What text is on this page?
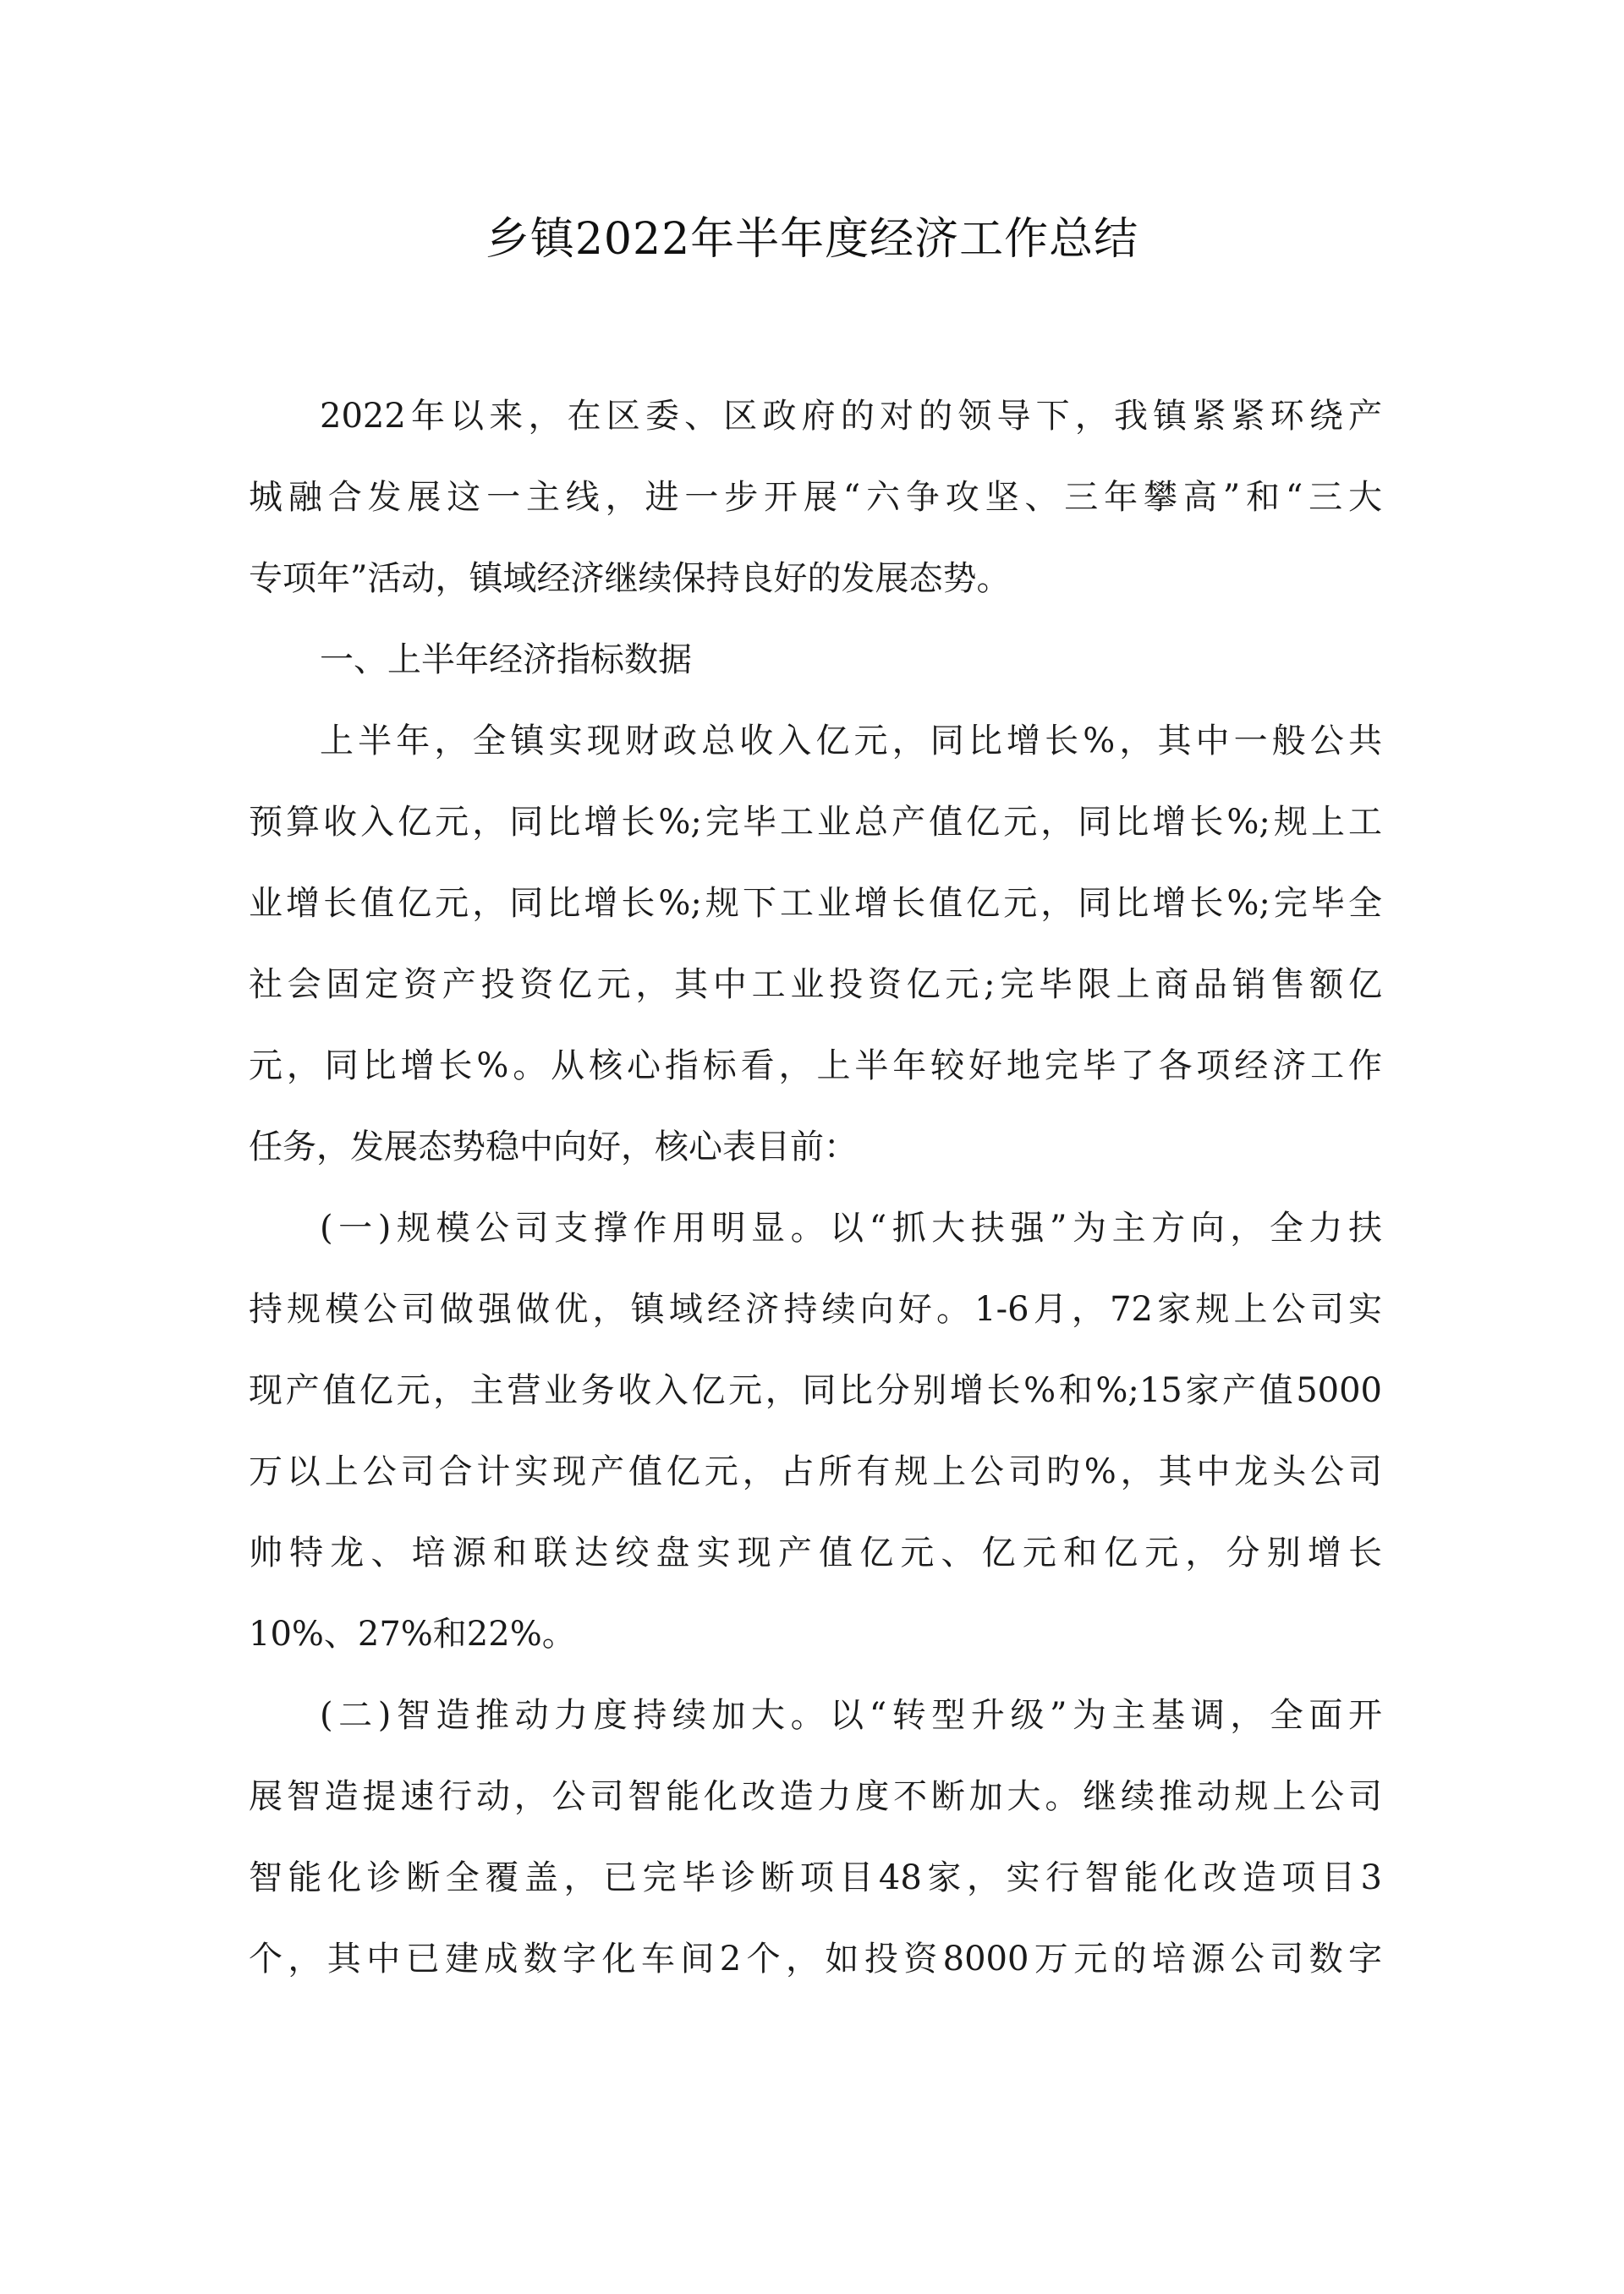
乡镇2022年半年度经济工作总结
2022年以来，在区委、区政府的对的领导下，我镇紧紧环绕产
城融合发展这一主线，进一步开展“六争攻坚、三年攀高”和“三大
专项年”活动，镇域经济继续保持良好的发展态势。
一、上半年经济指标数据
上半年，全镇实现财政总收入亿元，同比增长%，其中一般公共
预算收入亿元，同比增长%;完毕工业总产值亿元，同比增长%;规上工
业增长值亿元，同比增长%;规下工业增长值亿元，同比增长%;完毕全
社会固定资产投资亿元，其中工业投资亿元;完毕限上商品销售额亿
元，同比增长%。从核心指标看，上半年较好地完毕了各项经济工作
任务，发展态势稳中向好，核心表目前：
(一)规模公司支撑作用明显。以“抓大扶强”为主方向，全力扶
持规模公司做强做优，镇域经济持续向好。1-6月，72家规上公司实
现产值亿元，主营业务收入亿元，同比分别增长%和%;15家产值5000
万以上公司合计实现产值亿元，占所有规上公司旳%，其中龙头公司
帅特龙、培源和联达绞盘实现产值亿元、亿元和亿元，分别增长
10%、27%和22%。
(二)智造推动力度持续加大。以“转型升级”为主基调，全面开
展智造提速行动，公司智能化改造力度不断加大。继续推动规上公司
智能化诊断全覆盖，已完毕诊断项目48家，实行智能化改造项目3
个，其中已建成数字化车间2个，如投资8000万元的培源公司数字
